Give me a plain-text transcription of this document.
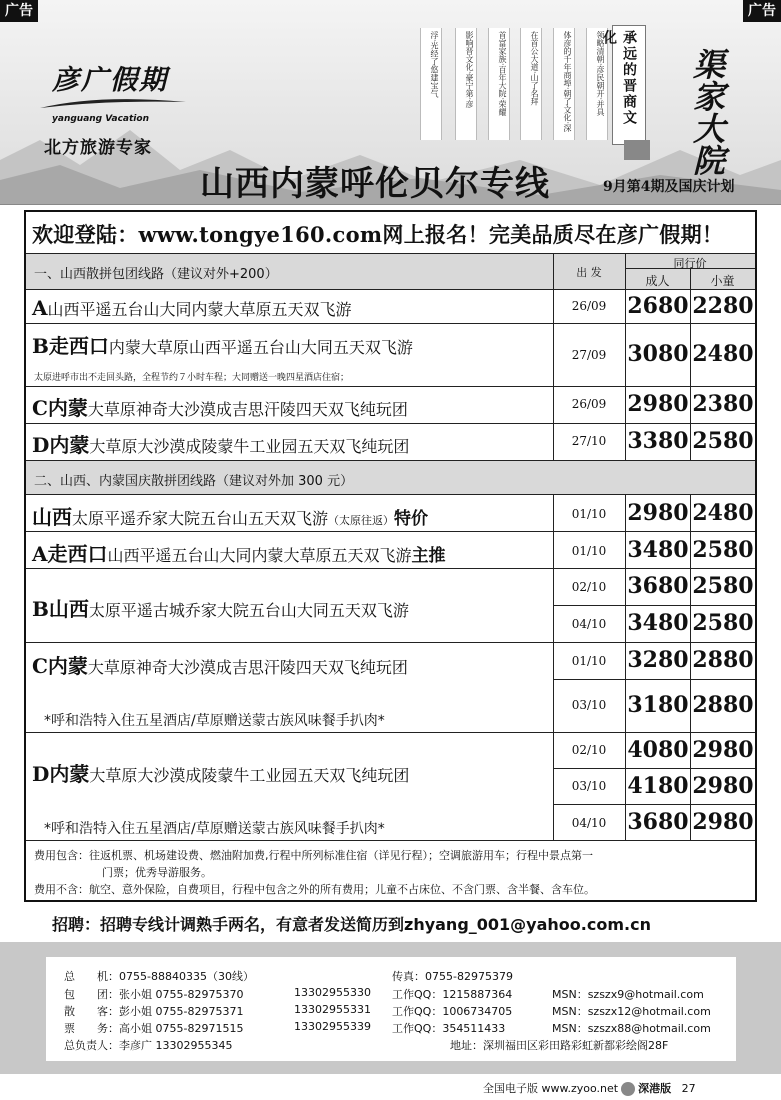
彦广假期
yanguang Vacation
北方旅游专家
浮·光经了悠建宝气	影响晋文化·豪宁第·彦	首富家族·百年大院·荣耀	在首公大道·山了名拜	体彦的千年商埠·朝了文化·深	领略清朝·彦民朝开·并具	承远的晋商文化
渠家大院
山西内蒙呼伦贝尔专线	9月第4期及国庆计划
广告	广告
欢迎登陆：www.tongye160.com网上报名！完美品质尽在彦广假期！
一、山西散拼包团线路（建议对外+200）	出 发
同行价
成人	小童
A山西平遥五台山大同内蒙大草原五天双飞游	26/09 2680 2280
B走西口内蒙大草原山西平遥五台山大同五天双飞游
太原进呼市出不走回头路，全程节约７小时车程；大同赠送一晚四星酒店住宿；
27/09 3080 2480
C内蒙大草原神奇大沙漠成吉思汗陵四天双飞纯玩团	26/09 2980 2380
D内蒙大草原大沙漠成陵蒙牛工业园五天双飞纯玩团	27/10 3380 2580
二、山西、内蒙国庆散拼团线路（建议对外加 300 元）
山西太原平遥乔家大院五台山五天双飞游（太原往返）特价	01/10 2980 2480
A走西口山西平遥五台山大同内蒙大草原五天双飞游主推	01/10 3480 2580
B山西太原平遥古城乔家大院五台山大同五天双飞游
02/10 3680 2580
04/10 3480 2580
C内蒙大草原神奇大沙漠成吉思汗陵四天双飞纯玩团
*呼和浩特入住五星酒店/草原赠送蒙古族风味餐手扒肉*
01/10 3280 2880
03/10 3180 2880
D内蒙大草原大沙漠成陵蒙牛工业园五天双飞纯玩团
*呼和浩特入住五星酒店/草原赠送蒙古族风味餐手扒肉*
02/10 4080 2980
03/10 4180 2980
04/10 3680 2980
费用包含：往返机票、机场建设费、燃油附加费,行程中所列标准住宿（详见行程）；空调旅游用车；行程中景点第一
门票；优秀导游服务。
费用不含：航空、意外保险，自费项目，行程中包含之外的所有费用；儿童不占床位、不含门票、含半餐、含车位。
招聘：招聘专线计调熟手两名，有意者发送简历到zhyang_001@yahoo.com.cn
总　　机：0755-88840335（30线）	传真：0755-82975379
包　　团：张小姐 0755-82975370	13302955330 工作QQ：1215887364	MSN：szszx9@hotmail.com
散　　客：彭小姐 0755-82975371	13302955331 工作QQ：1006734705	MSN：szszx12@hotmail.com
票　　务：高小姐 0755-82971515	13302955339 工作QQ：354511433	MSN：szszx88@hotmail.com
总负责人：李彦广 13302955345	地址：深圳福田区彩田路彩虹新都彩绘阁28F
全国电子版 www.zyoo.net 深港版 27
